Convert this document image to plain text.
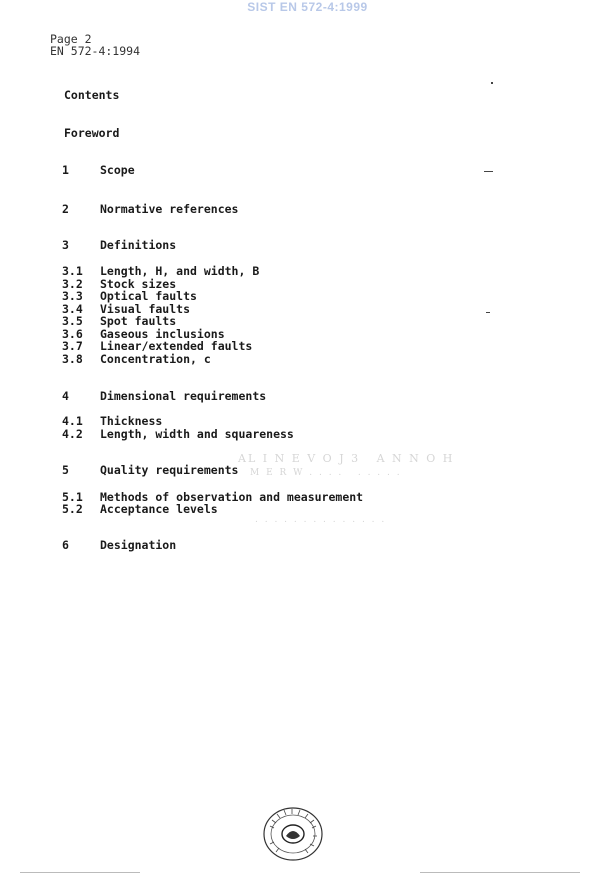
SIST EN 572-4:1999
Page 2
EN 572-4:1994
Contents
Foreword
1	Scope
2	Normative references
3	Definitions
3.1 Length, H, and width, B
3.2 Stock sizes
3.3 Optical faults
3.4 Visual faults
3.5 Spot faults
3.6 Gaseous inclusions
3.7 Linear/extended faults
3.8 Concentration, c
4	Dimensional requirements
4.1 Thickness
4.2 Length, width and squareness
5	Quality requirements
5.1 Methods of observation and measurement
5.2 Acceptance levels
6	Designation
AL I N E V O J 3   A N N O H
M E R W . . . .   . . . . .
. . . . . . . . . . . . . .
